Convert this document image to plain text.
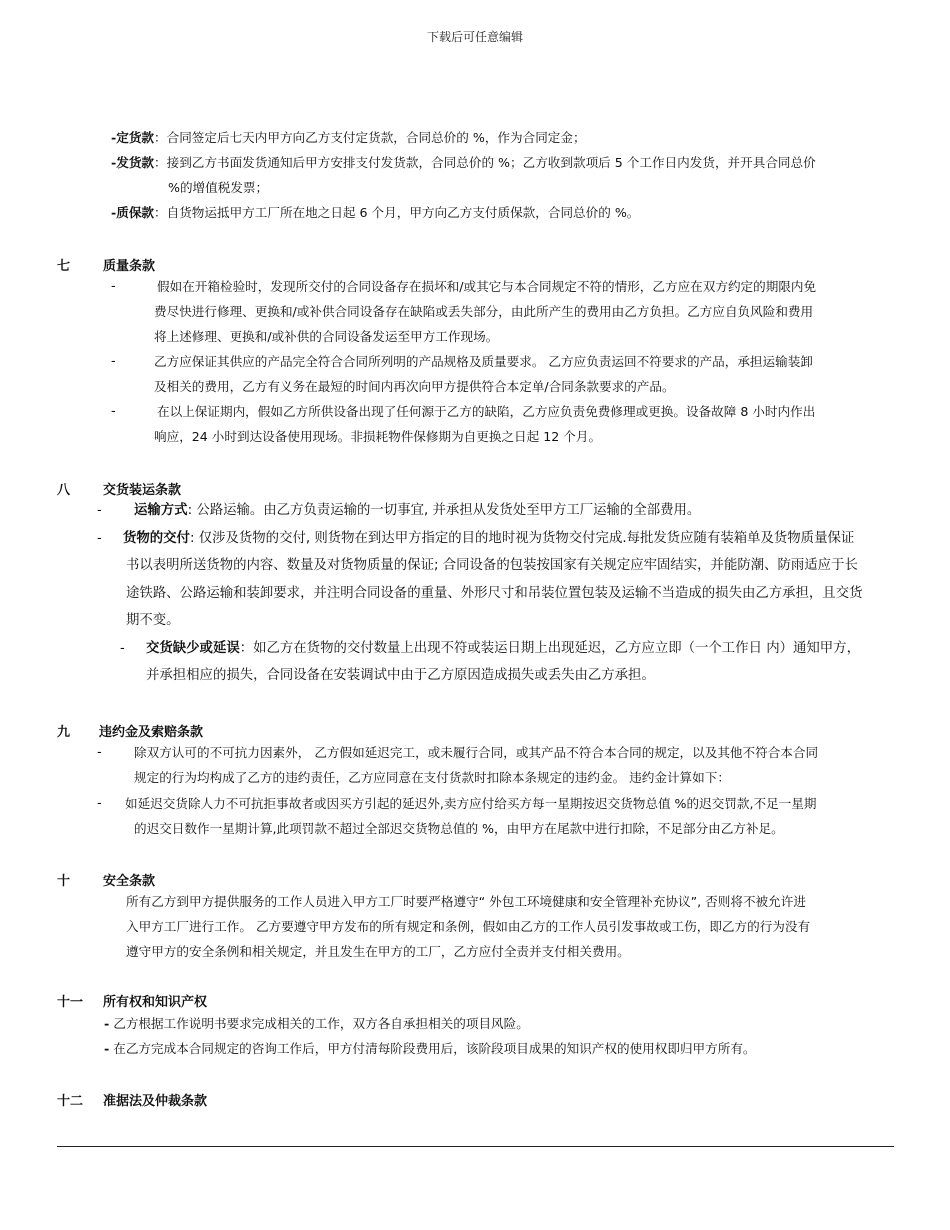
下载后可任意编辑
-定货款：合同签定后七天内甲方向乙方支付定货款，合同总价的 %，作为合同定金；
-发货款：接到乙方书面发货通知后甲方安排支付发货款，合同总价的 %；乙方收到款项后 5 个工作日内发货，并开具合同总价
%的增值税发票；
-质保款：自货物运抵甲方工厂所在地之日起 6 个月，甲方向乙方支付质保款，合同总价的 %。
七	质量条款
-	假如在开箱检验时，发现所交付的合同设备存在损坏和/或其它与本合同规定不符的情形，乙方应在双方约定的期限内免
费尽快进行修理、更换和/或补供合同设备存在缺陷或丢失部分，由此所产生的费用由乙方负担。乙方应自负风险和费用
将上述修理、更换和/或补供的合同设备发运至甲方工作现场。
-	乙方应保证其供应的产品完全符合合同所列明的产品规格及质量要求。 乙方应负责运回不符要求的产品，承担运输装卸
及相关的费用，乙方有义务在最短的时间内再次向甲方提供符合本定单/合同条款要求的产品。
-	在以上保证期内，假如乙方所供设备出现了任何源于乙方的缺陷，乙方应负责免费修理或更换。设备故障 8 小时内作出
响应，24 小时到达设备使用现场。非损耗物件保修期为自更换之日起 12 个月。
八	交货装运条款
- 运输方式: 公路运输。由乙方负责运输的一切事宜, 并承担从发货处至甲方工厂运输的全部费用。
- 货物的交付: 仅涉及货物的交付, 则货物在到达甲方指定的目的地时视为货物交付完成.每批发货应随有装箱单及货物质量保证
书以表明所送货物的内容、数量及对货物质量的保证; 合同设备的包装按国家有关规定应牢固结实，并能防潮、防雨适应于长
途铁路、公路运输和装卸要求，并注明合同设备的重量、外形尺寸和吊装位置包装及运输不当造成的损失由乙方承担，且交货
期不变。
- 交货缺少或延误：如乙方在货物的交付数量上出现不符或装运日期上出现延迟，乙方应立即（一个工作日 内）通知甲方，
并承担相应的损失，合同设备在安装调试中由于乙方原因造成损失或丢失由乙方承担。
九 违约金及索赔条款
-	除双方认可的不可抗力因素外， 乙方假如延迟完工，或未履行合同，或其产品不符合本合同的规定，以及其他不符合本合同
规定的行为均构成了乙方的违约责任，乙方应同意在支付货款时扣除本条规定的违约金。 违约金计算如下：
- 如延迟交货除人力不可抗拒事故者或因买方引起的延迟外,卖方应付给买方每一星期按迟交货物总值 %的迟交罚款,不足一星期
的迟交日数作一星期计算,此项罚款不超过全部迟交货物总值的 %，由甲方在尾款中进行扣除，不足部分由乙方补足。
十	安全条款
所有乙方到甲方提供服务的工作人员进入甲方工厂时要严格遵守“ 外包工环境健康和安全管理补充协议”, 否则将不被允许进
入甲方工厂进行工作。 乙方要遵守甲方发布的所有规定和条例，假如由乙方的工作人员引发事故或工伤，即乙方的行为没有
遵守甲方的安全条例和相关规定，并且发生在甲方的工厂，乙方应付全责并支付相关费用。
十一 所有权和知识产权
- 乙方根据工作说明书要求完成相关的工作，双方各自承担相关的项目风险。
- 在乙方完成本合同规定的咨询工作后，甲方付清每阶段费用后，该阶段项目成果的知识产权的使用权即归甲方所有。
十二 准据法及仲裁条款
